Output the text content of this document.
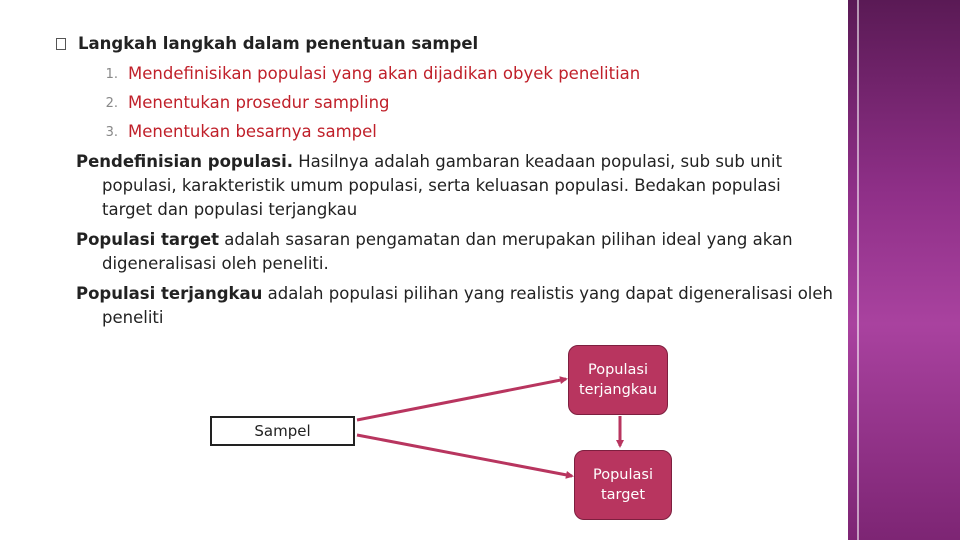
Langkah langkah dalam penentuan sampel
1. Mendefinisikan populasi yang akan dijadikan obyek penelitian
2. Menentukan prosedur sampling
3. Menentukan besarnya sampel
Pendefinisian populasi. Hasilnya adalah gambaran keadaan populasi, sub sub unit populasi, karakteristik umum populasi, serta keluasan populasi. Bedakan populasi target dan populasi terjangkau
Populasi target adalah sasaran pengamatan dan merupakan pilihan ideal yang akan digeneralisasi oleh peneliti.
Populasi terjangkau adalah populasi pilihan yang realistis yang dapat digeneralisasi oleh peneliti
Sampel
Populasi
terjangkau
Populasi
target
